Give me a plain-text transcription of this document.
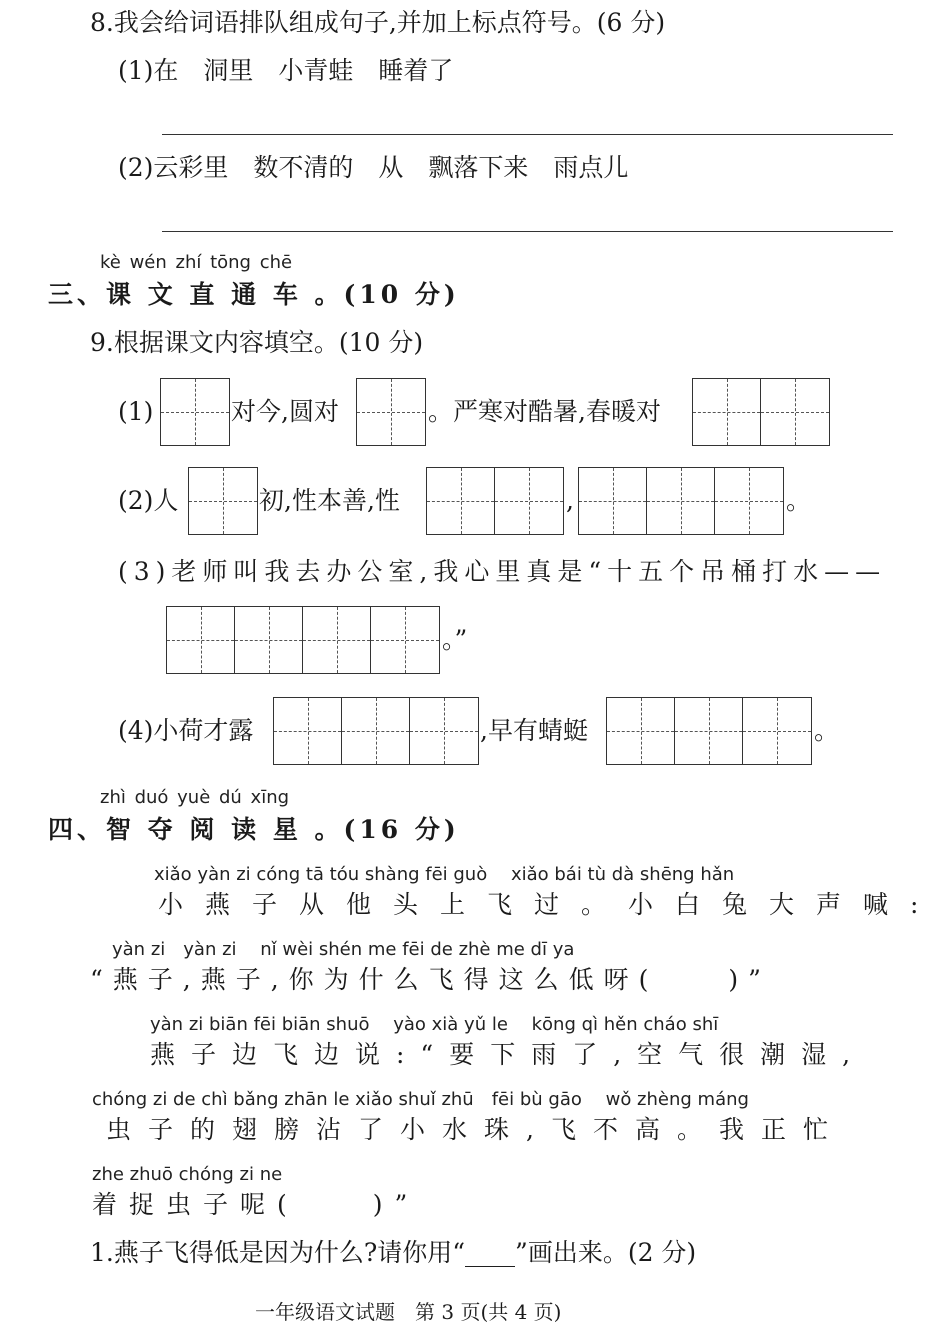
8.我会给词语排队组成句子,并加上标点符号。(6 分)
(1)在　洞里　小青蛙　睡着了
(2)云彩里　数不清的　从　飘落下来　雨点儿
kè wén zhí tōng chē
三、课 文 直 通 车 。(10 分)
9.根据课文内容填空。(10 分)
(1)	对今,圆对	。严寒对酷暑,春暖对
(2)人	初,性本善,性	,	。
(3)老师叫我去办公室,我心里真是“十五个吊桶打水——
。”
(4)小荷才露	,早有蜻蜓	。
zhì duó yuè dú xīng
四、智 夺 阅 读 星 。(16 分)
xiǎo yàn zi cóng tā tóu shàng fēi guò　 xiǎo bái tù dà shēng hǎn
小燕子从他头上飞过。小白兔大声喊:
yàn zi　yàn zi　 nǐ wèi shén me fēi de zhè me dī ya
“燕子,燕子,你为什么飞得这么低呀(　　)”
yàn zi biān fēi biān shuō　 yào xià yǔ le　 kōng qì hěn cháo shī
燕子边飞边说:“要下雨了,空气很潮湿,
chóng zi de chì bǎng zhān le xiǎo shuǐ zhū　fēi bù gāo　 wǒ zhèng máng
虫子的翅膀沾了小水珠,飞不高。我正忙
zhe zhuō chóng zi ne
着捉虫子呢(　　)”
1.燕子飞得低是因为什么?请你用“____”画出来。(2 分)
一年级语文试题　第 3 页(共 4 页)
